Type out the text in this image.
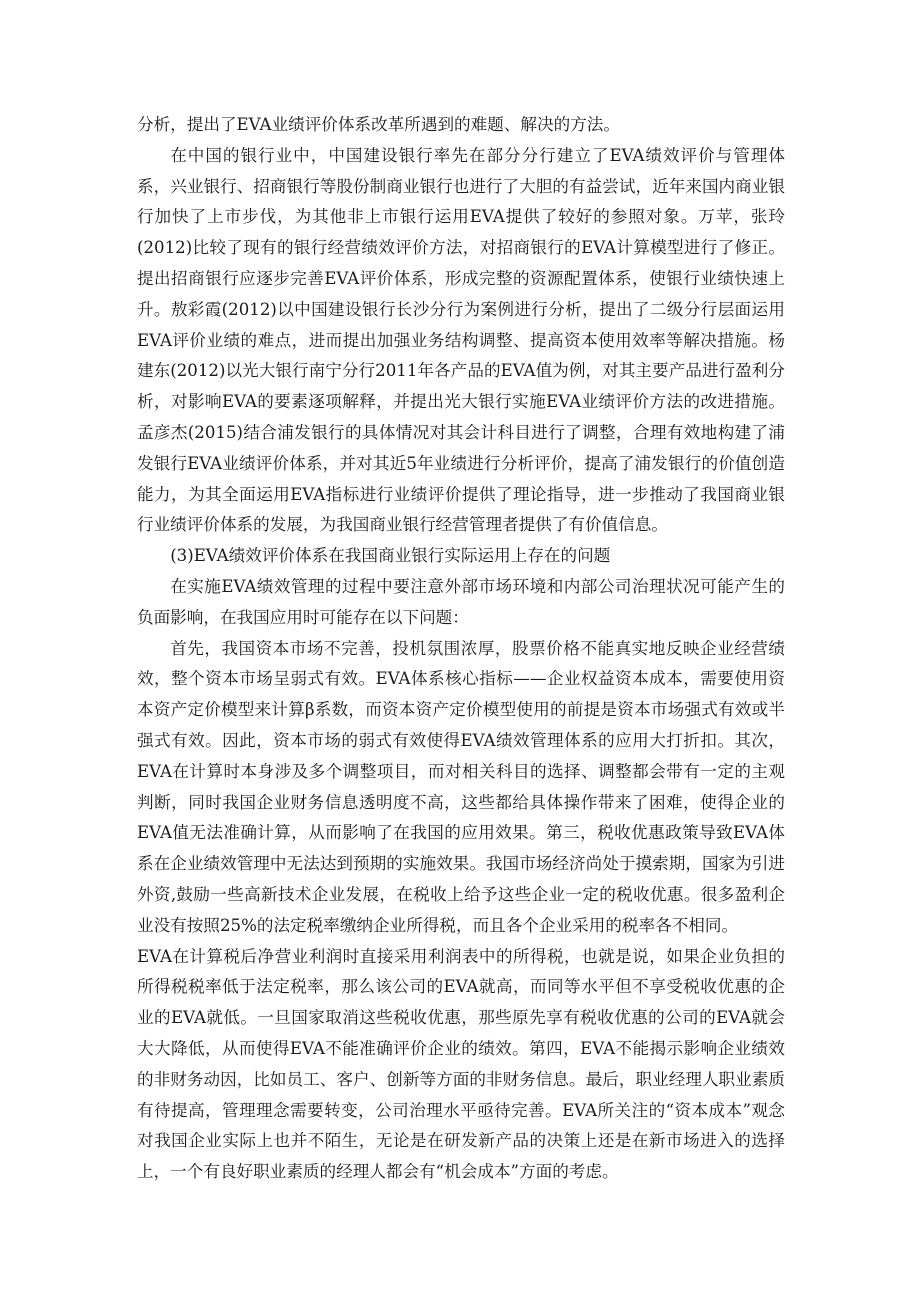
分析，提出了EVA业绩评价体系改革所遇到的难题、解决的方法。

在中国的银行业中，中国建设银行率先在部分分行建立了EVA绩效评价与管理体系，兴业银行、招商银行等股份制商业银行也进行了大胆的有益尝试，近年来国内商业银行加快了上市步伐，为其他非上市银行运用EVA提供了较好的参照对象。万苹，张玲(2012)比较了现有的银行经营绩效评价方法，对招商银行的EVA计算模型进行了修正。提出招商银行应逐步完善EVA评价体系，形成完整的资源配置体系，使银行业绩快速上升。敖彩霞(2012)以中国建设银行长沙分行为案例进行分析，提出了二级分行层面运用EVA评价业绩的难点，进而提出加强业务结构调整、提高资本使用效率等解决措施。杨建东(2012)以光大银行南宁分行2011年各产品的EVA值为例，对其主要产品进行盈利分析，对影响EVA的要素逐项解释，并提出光大银行实施EVA业绩评价方法的改进措施。孟彦杰(2015)结合浦发银行的具体情况对其会计科目进行了调整，合理有效地构建了浦发银行EVA业绩评价体系，并对其近5年业绩进行分析评价，提高了浦发银行的价值创造能力，为其全面运用EVA指标进行业绩评价提供了理论指导，进一步推动了我国商业银行业绩评价体系的发展，为我国商业银行经营管理者提供了有价值信息。

(3)EVA绩效评价体系在我国商业银行实际运用上存在的问题

在实施EVA绩效管理的过程中要注意外部市场环境和内部公司治理状况可能产生的负面影响，在我国应用时可能存在以下问题：

首先，我国资本市场不完善，投机氛围浓厚，股票价格不能真实地反映企业经营绩效，整个资本市场呈弱式有效。EVA体系核心指标——企业权益资本成本，需要使用资本资产定价模型来计算β系数，而资本资产定价模型使用的前提是资本市场强式有效或半强式有效。因此，资本市场的弱式有效使得EVA绩效管理体系的应用大打折扣。其次，EVA在计算时本身涉及多个调整项目，而对相关科目的选择、调整都会带有一定的主观判断，同时我国企业财务信息透明度不高，这些都给具体操作带来了困难，使得企业的EVA值无法准确计算，从而影响了在我国的应用效果。第三，税收优惠政策导致EVA体系在企业绩效管理中无法达到预期的实施效果。我国市场经济尚处于摸索期，国家为引进外资,鼓励一些高新技术企业发展，在税收上给予这些企业一定的税收优惠。很多盈利企业没有按照25%的法定税率缴纳企业所得税，而且各个企业采用的税率各不相同。

EVA在计算税后净营业利润时直接采用利润表中的所得税，也就是说，如果企业负担的所得税税率低于法定税率，那么该公司的EVA就高，而同等水平但不享受税收优惠的企业的EVA就低。一旦国家取消这些税收优惠，那些原先享有税收优惠的公司的EVA就会大大降低，从而使得EVA不能准确评价企业的绩效。第四，EVA不能揭示影响企业绩效的非财务动因，比如员工、客户、创新等方面的非财务信息。最后，职业经理人职业素质有待提高，管理理念需要转变，公司治理水平亟待完善。EVA所关注的“资本成本”观念对我国企业实际上也并不陌生，无论是在研发新产品的决策上还是在新市场进入的选择上，一个有良好职业素质的经理人都会有“机会成本”方面的考虑。
